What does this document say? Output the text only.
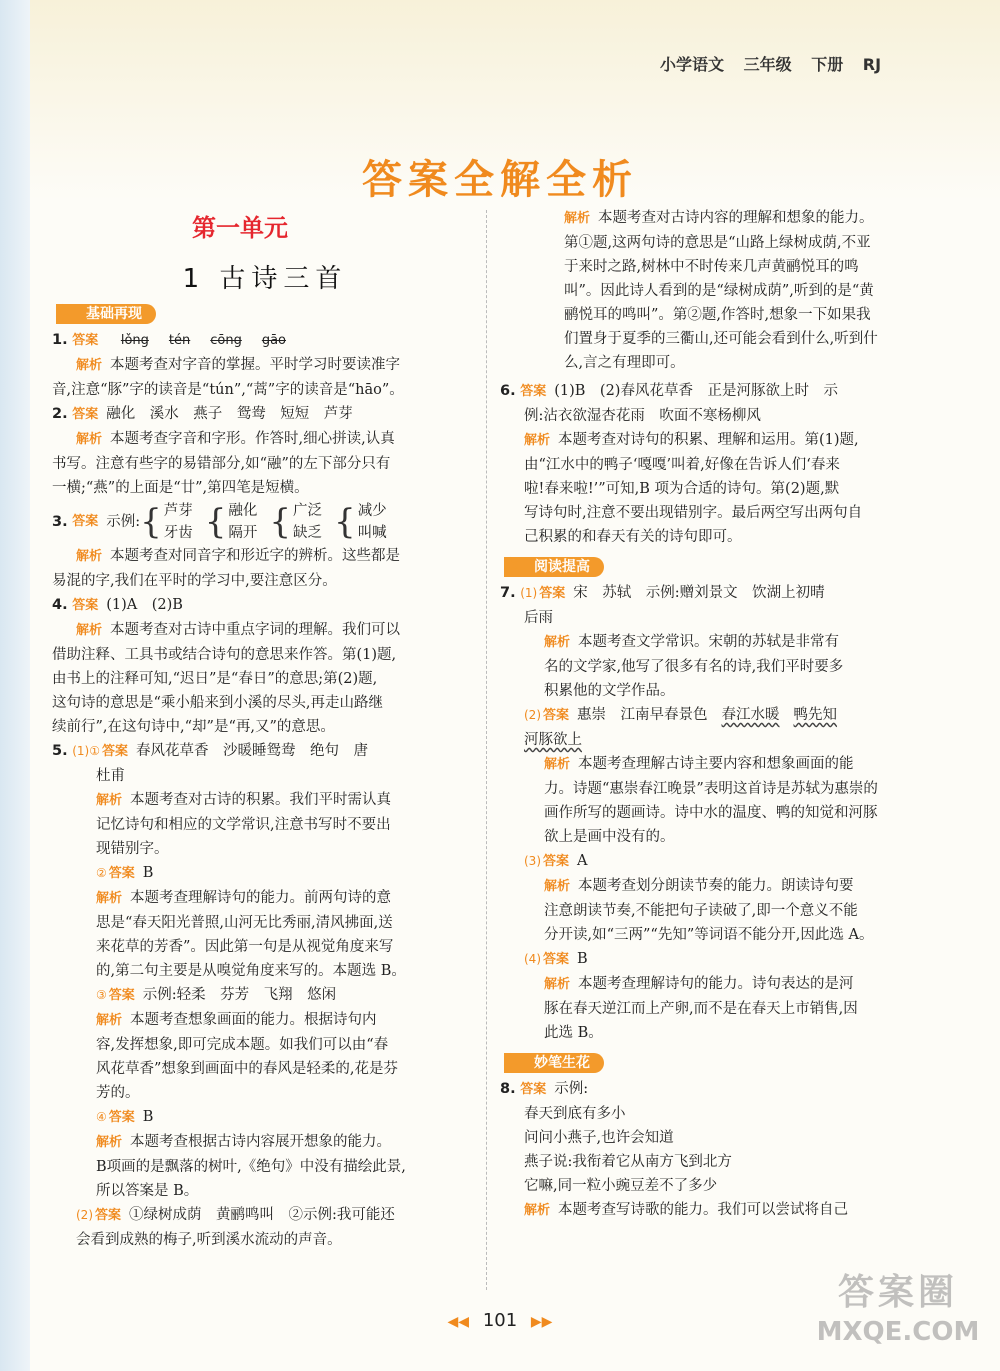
小学语文 三年级 下册 RJ
答案全解全析
第一单元
1 古诗三首
✶ 基础再现

1. 答案 lǒng tén cōng gāo

解析 本题考查对字音的掌握。平时学习时要读准字

音,注意“豚”字的读音是“tún”,“蒿”字的读音是“hāo”。

2. 答案 融化　溪水　燕子　鸳鸯　短短　芦芽

解析 本题考查字音和字形。作答时,细心拼读,认真

书写。注意有些字的易错部分,如“融”的左下部分只有

一横;“燕”的上面是“廿”,第四笔是短横。

3.
答案 示例: { 芦芽
牙齿 { 融化
隔开 { 广泛
缺乏 { 减少
叫喊

解析 本题考查对同音字和形近字的辨析。这些都是

易混的字,我们在平时的学习中,要注意区分。

4. 答案 (1)A　(2)B

解析 本题考查对古诗中重点字词的理解。我们可以

借助注释、工具书或结合诗句的意思来作答。第(1)题,

由书上的注释可知,“迟日”是“春日”的意思;第(2)题,

这句诗的意思是“乘小船来到小溪的尽头,再走山路继

续前行”,在这句诗中,“却”是“再,又”的意思。

5. (1)① 答案 春风花草香　沙暖睡鸳鸯　绝句　唐

杜甫

解析 本题考查对古诗的积累。我们平时需认真

记忆诗句和相应的文学常识,注意书写时不要出

现错别字。

② 答案 B

解析 本题考查理解诗句的能力。前两句诗的意

思是“春天阳光普照,山河无比秀丽,清风拂面,送

来花草的芳香”。因此第一句是从视觉角度来写

的,第二句主要是从嗅觉角度来写的。本题选 B。

③ 答案 示例:轻柔　芬芳　飞翔　悠闲

解析 本题考查想象画面的能力。根据诗句内

容,发挥想象,即可完成本题。如我们可以由“春

风花草香”想象到画面中的春风是轻柔的,花是芬

芳的。

④ 答案 B

解析 本题考查根据古诗内容展开想象的能力。

B项画的是飘落的树叶,《绝句》中没有描绘此景,

所以答案是 B。

(2) 答案 ①绿树成荫　黄鹂鸣叫　②示例:我可能还

会看到成熟的梅子,听到溪水流动的声音。

解析 本题考查对古诗内容的理解和想象的能力。

第①题,这两句诗的意思是“山路上绿树成荫,不亚

于来时之路,树林中不时传来几声黄鹂悦耳的鸣

叫”。因此诗人看到的是“绿树成荫”,听到的是“黄

鹂悦耳的鸣叫”。第②题,作答时,想象一下如果我

们置身于夏季的三衢山,还可能会看到什么,听到什

么,言之有理即可。

6. 答案 (1)B　(2)春风花草香　正是河豚欲上时　示

例:沾衣欲湿杏花雨　吹面不寒杨柳风

解析 本题考查对诗句的积累、理解和运用。第(1)题,

由“江水中的鸭子‘嘎嘎’叫着,好像在告诉人们‘春来

啦!春来啦!’”可知,B 项为合适的诗句。第(2)题,默

写诗句时,注意不要出现错别字。最后两空写出两句自

己积累的和春天有关的诗句即可。

✶ 阅读提高

7. (1) 答案 宋　苏轼　示例:赠刘景文　饮湖上初晴

后雨

解析 本题考查文学常识。宋朝的苏轼是非常有

名的文学家,他写了很多有名的诗,我们平时要多

积累他的文学作品。

(2) 答案 惠崇　江南早春景色 春江水暖 鸭先知

河豚欲上

解析 本题考查理解古诗主要内容和想象画面的能

力。诗题“惠崇春江晚景”表明这首诗是苏轼为惠崇的

画作所写的题画诗。诗中水的温度、鸭的知觉和河豚

欲上是画中没有的。

(3) 答案 A

解析 本题考查划分朗读节奏的能力。朗读诗句要

注意朗读节奏,不能把句子读破了,即一个意义不能

分开读,如“三两”“先知”等词语不能分开,因此选 A。

(4) 答案 B

解析 本题考查理解诗句的能力。诗句表达的是河

豚在春天逆江而上产卵,而不是在春天上市销售,因

此选 B。

✶ 妙笔生花

8. 答案 示例:

春天到底有多小

问问小燕子,也许会知道

燕子说:我衔着它从南方飞到北方

它嘛,同一粒小豌豆差不了多少

解析 本题考查写诗歌的能力。我们可以尝试将自己

◀◀ 101 ▶▶
答案圈
MXQE.COM
